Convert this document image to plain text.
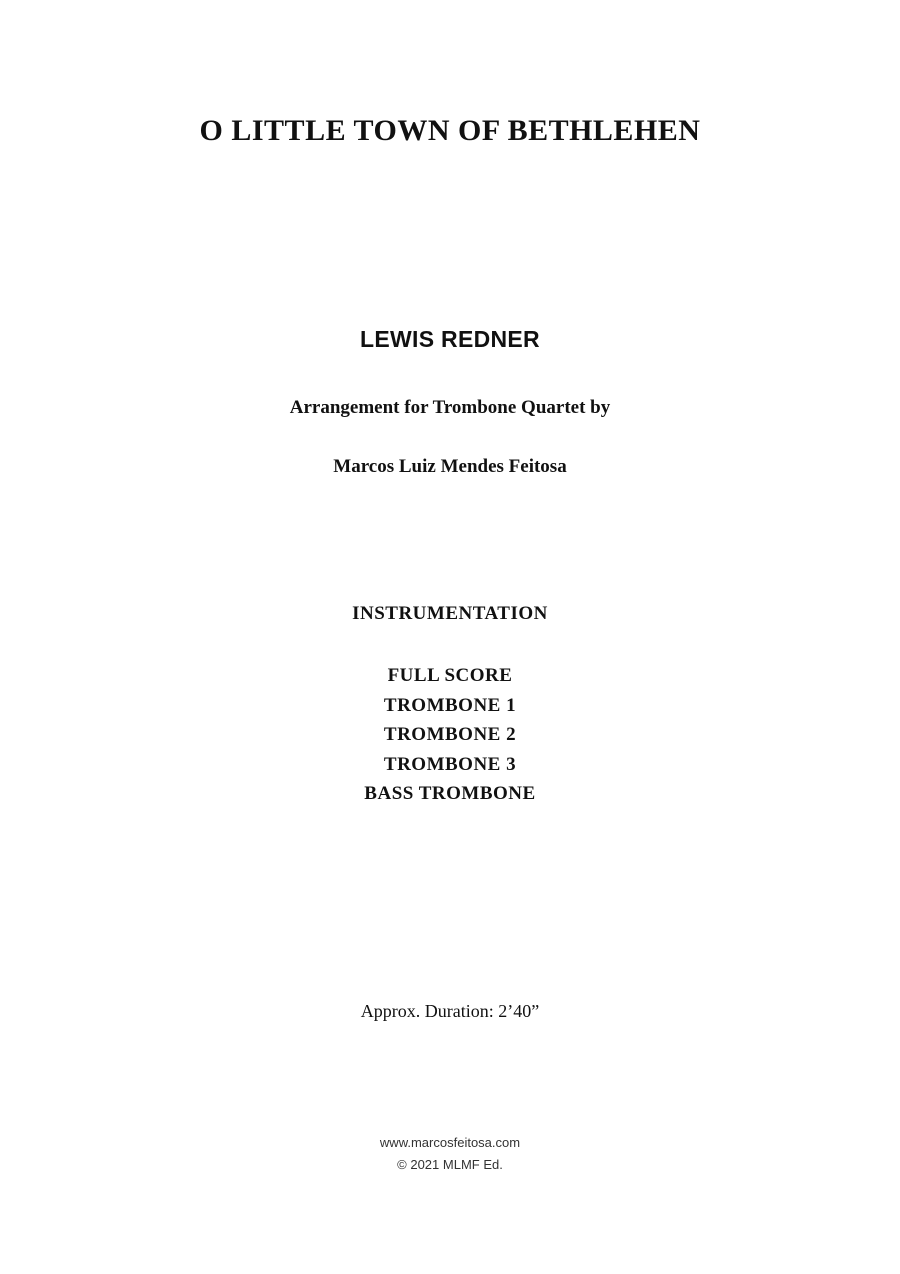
O LITTLE TOWN OF BETHLEHEN
LEWIS REDNER
Arrangement for Trombone Quartet by
Marcos Luiz Mendes Feitosa
INSTRUMENTATION
FULL SCORE
TROMBONE 1
TROMBONE 2
TROMBONE 3
BASS TROMBONE
Approx. Duration: 2’40”
www.marcosfeitosa.com
© 2021 MLMF Ed.
